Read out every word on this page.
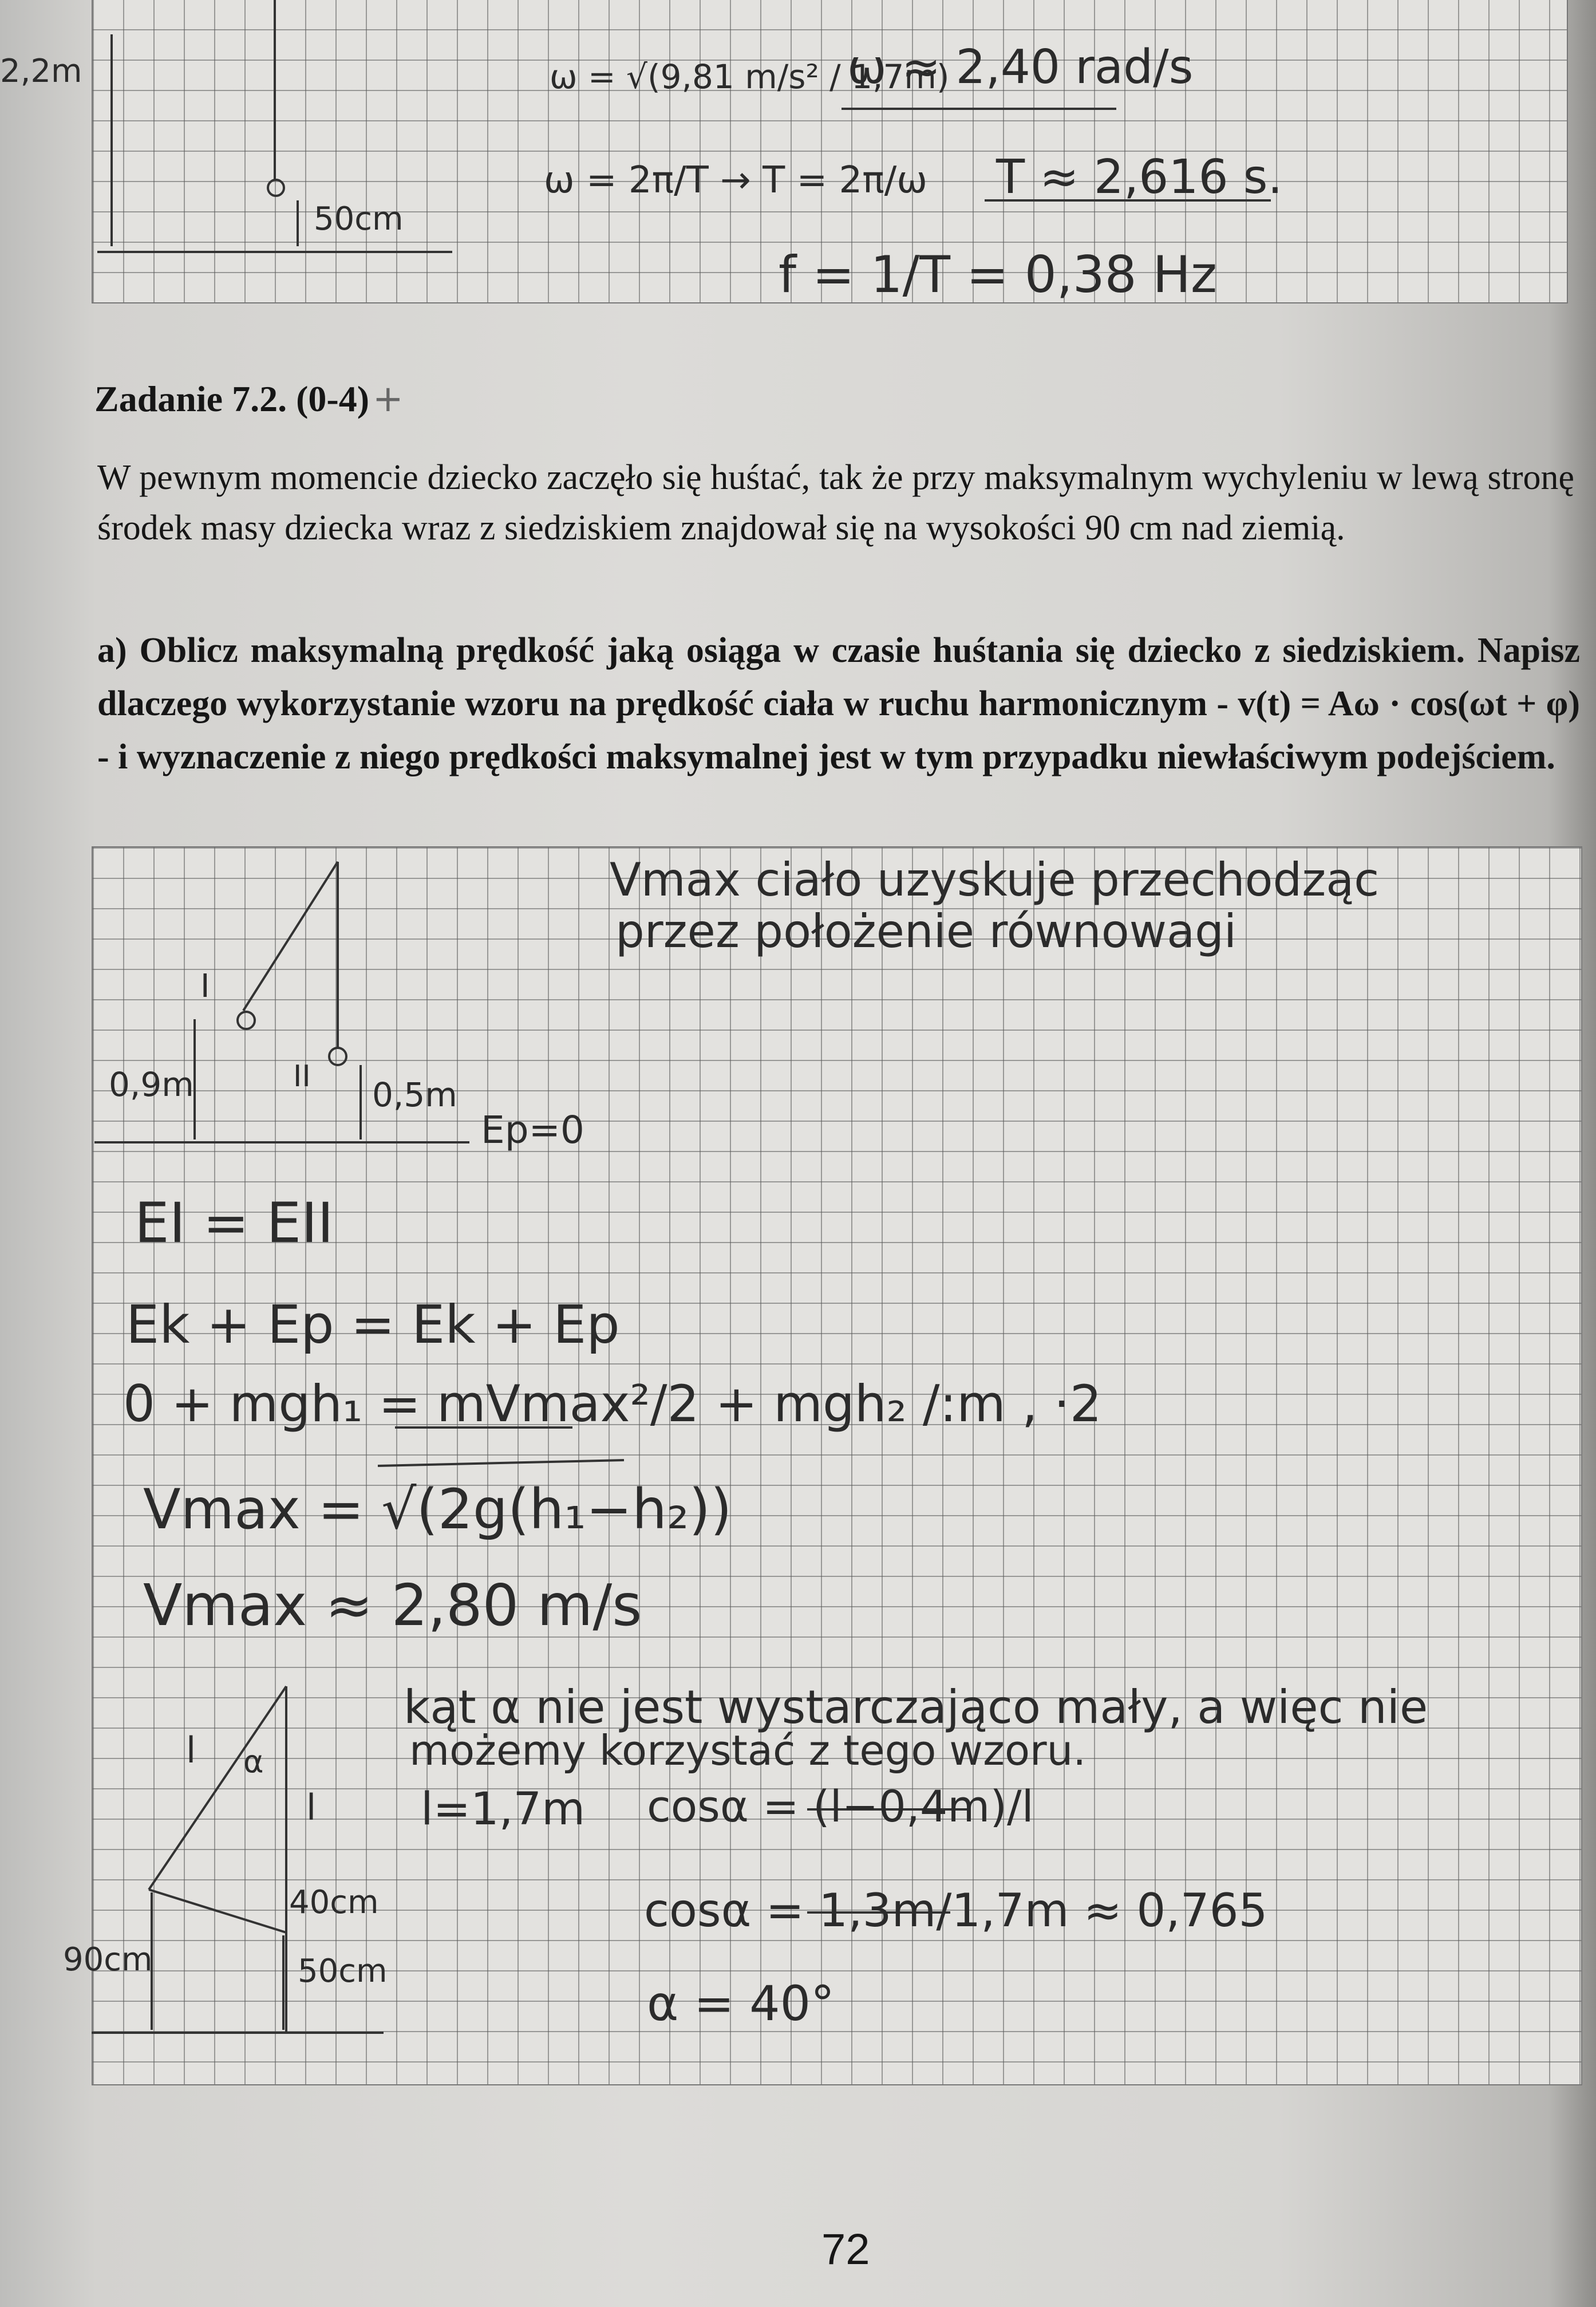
2,2m
50cm
ω = √(9,81 m/s² / 1,7m)
ω ≈ 2,40 rad/s
ω = 2π/T → T = 2π/ω T ≈ 2,616 s.
f = 1/T = 0,38 Hz
Zadanie 7.2. (0-4)+
W pewnym momencie dziecko zaczęło się huśtać, tak że przy maksymalnym wychyleniu w lewą stronę środek masy dziecka wraz z siedziskiem znajdował się na wysokości 90 cm nad ziemią.
a) Oblicz maksymalną prędkość jaką osiąga w czasie huśtania się dziecko z siedziskiem. Napisz dlaczego wykorzystanie wzoru na prędkość ciała w ruchu harmonicznym - v(t) = Aω · cos(ωt + φ) - i wyznaczenie z niego prędkości maksymalnej jest w tym przypadku niewłaściwym podejściem.
Vmax ciało uzyskuje przechodząc
przez położenie równowagi
I
II
0,9m	0,5m
Ep=0
EI = EII
Ek + Ep = Ek + Ep
0 + mgh₁ = mVmax²/2 + mgh₂ /:m , ·2
Vmax = √(2g(h₁−h₂))
Vmax ≈ 2,80 m/s
kąt α nie jest wystarczająco mały, a więc nie
możemy korzystać z tego wzoru.
l=1,7m cosα = (l−0,4m)/l
cosα = 1,3m/1,7m ≈ 0,765
α = 40°
l α
l
40cm
50cm
90cm
72
